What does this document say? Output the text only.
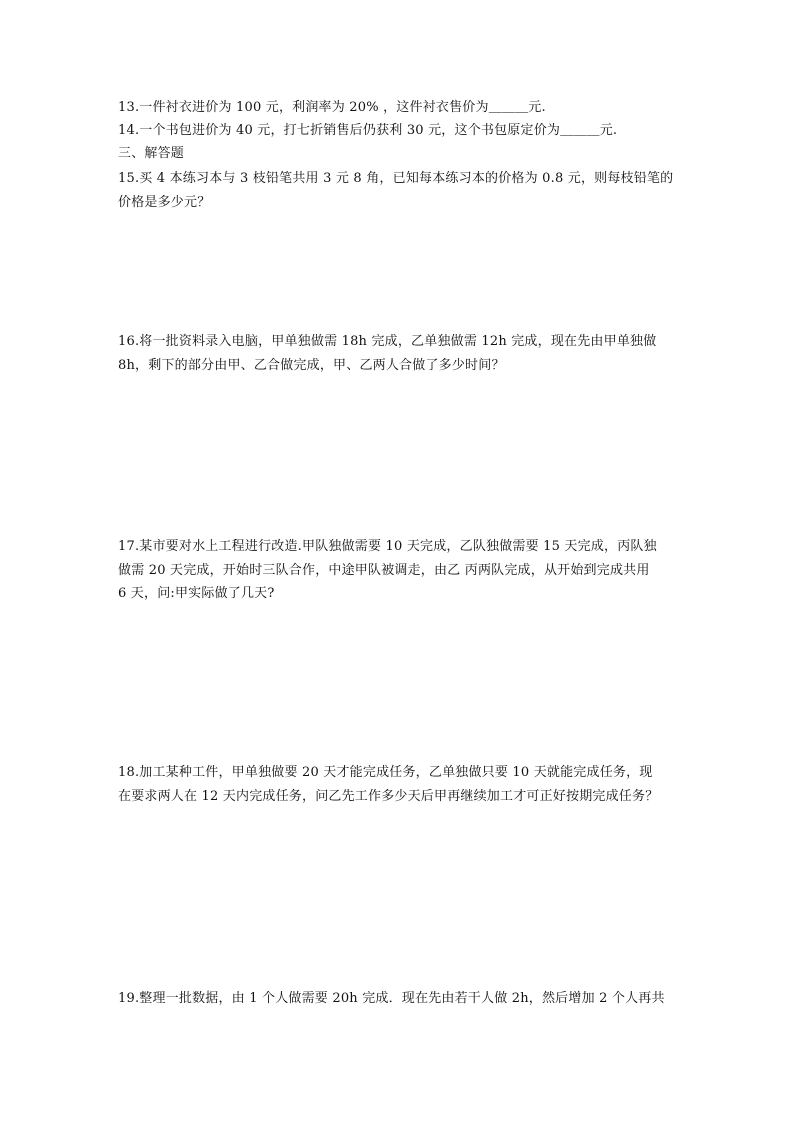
13.一件衬衣进价为 100 元，利润率为 20% ，这件衬衣售价为＿＿＿元.
14.一个书包进价为 40 元，打七折销售后仍获利 30 元，这个书包原定价为＿＿＿元.
三、解答题
15.买 4 本练习本与 3 枝铅笔共用 3 元 8 角，已知每本练习本的价格为 0.8 元，则每枝铅笔的
价格是多少元？
16.将一批资料录入电脑，甲单独做需 18h 完成，乙单独做需 12h 完成，现在先由甲单独做
8h，剩下的部分由甲、乙合做完成，甲、乙两人合做了多少时间？
17.某市要对水上工程进行改造.甲队独做需要 10 天完成，乙队独做需要 15 天完成，丙队独
做需 20 天完成，开始时三队合作，中途甲队被调走，由乙 丙两队完成，从开始到完成共用
6 天，问:甲实际做了几天?
18.加工某种工件，甲单独做要 20 天才能完成任务，乙单独做只要 10 天就能完成任务，现
在要求两人在 12 天内完成任务，问乙先工作多少天后甲再继续加工才可正好按期完成任务？
19.整理一批数据，由 1 个人做需要 20h 完成．现在先由若干人做 2h，然后增加 2 个人再共
